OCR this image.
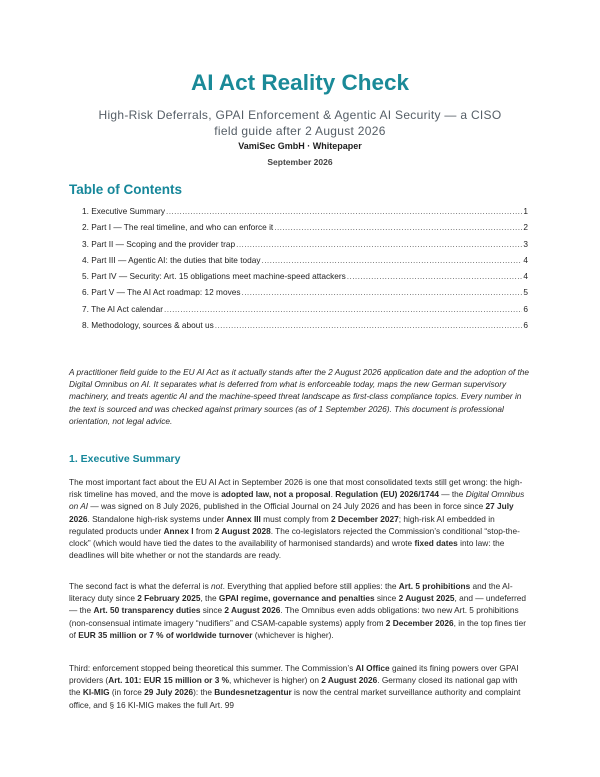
AI Act Reality Check
High-Risk Deferrals, GPAI Enforcement & Agentic AI Security — a CISO field guide after 2 August 2026
VamiSec GmbH · Whitepaper
September 2026
Table of Contents
1. Executive Summary .....	1
2. Part I — The real timeline, and who can enforce it .....	2
3. Part II — Scoping and the provider trap .....	3
4. Part III — Agentic AI: the duties that bite today .....	4
5. Part IV — Security: Art. 15 obligations meet machine-speed attackers .....	4
6. Part V — The AI Act roadmap: 12 moves .....	5
7. The AI Act calendar .....	6
8. Methodology, sources & about us .....	6

A practitioner field guide to the EU AI Act as it actually stands after the 2 August 2026 application date and the adoption of the Digital Omnibus on AI. It separates what is deferred from what is enforceable today, maps the new German supervisory machinery, and treats agentic AI and the machine-speed threat landscape as first-class compliance topics. Every number in the text is sourced and was checked against primary sources (as of 1 September 2026). This document is professional orientation, not legal advice.

1. Executive Summary

The most important fact about the EU AI Act in September 2026 is one that most consolidated texts still get wrong: the high-risk timeline has moved, and the move is adopted law, not a proposal. Regulation (EU) 2026/1744 — the Digital Omnibus on AI — was signed on 8 July 2026, published in the Official Journal on 24 July 2026 and has been in force since 27 July 2026. Standalone high-risk systems under Annex III must comply from 2 December 2027; high-risk AI embedded in regulated products under Annex I from 2 August 2028. The co-legislators rejected the Commission’s conditional “stop-the-clock” (which would have tied the dates to the availability of harmonised standards) and wrote fixed dates into law: the deadlines will bite whether or not the standards are ready.

The second fact is what the deferral is not. Everything that applied before still applies: the Art. 5 prohibitions and the AI-literacy duty since 2 February 2025, the GPAI regime, governance and penalties since 2 August 2025, and — undeferred — the Art. 50 transparency duties since 2 August 2026. The Omnibus even adds obligations: two new Art. 5 prohibitions (non-consensual intimate imagery “nudifiers” and CSAM-capable systems) apply from 2 December 2026, in the top fines tier of EUR 35 million or 7 % of worldwide turnover (whichever is higher).

Third: enforcement stopped being theoretical this summer. The Commission’s AI Office gained its fining powers over GPAI providers (Art. 101: EUR 15 million or 3 %, whichever is higher) on 2 August 2026. Germany closed its national gap with the KI-MIG (in force 29 July 2026): the Bundesnetzagentur is now the central market surveillance authority and complaint office, and § 16 KI-MIG makes the full Art. 99
